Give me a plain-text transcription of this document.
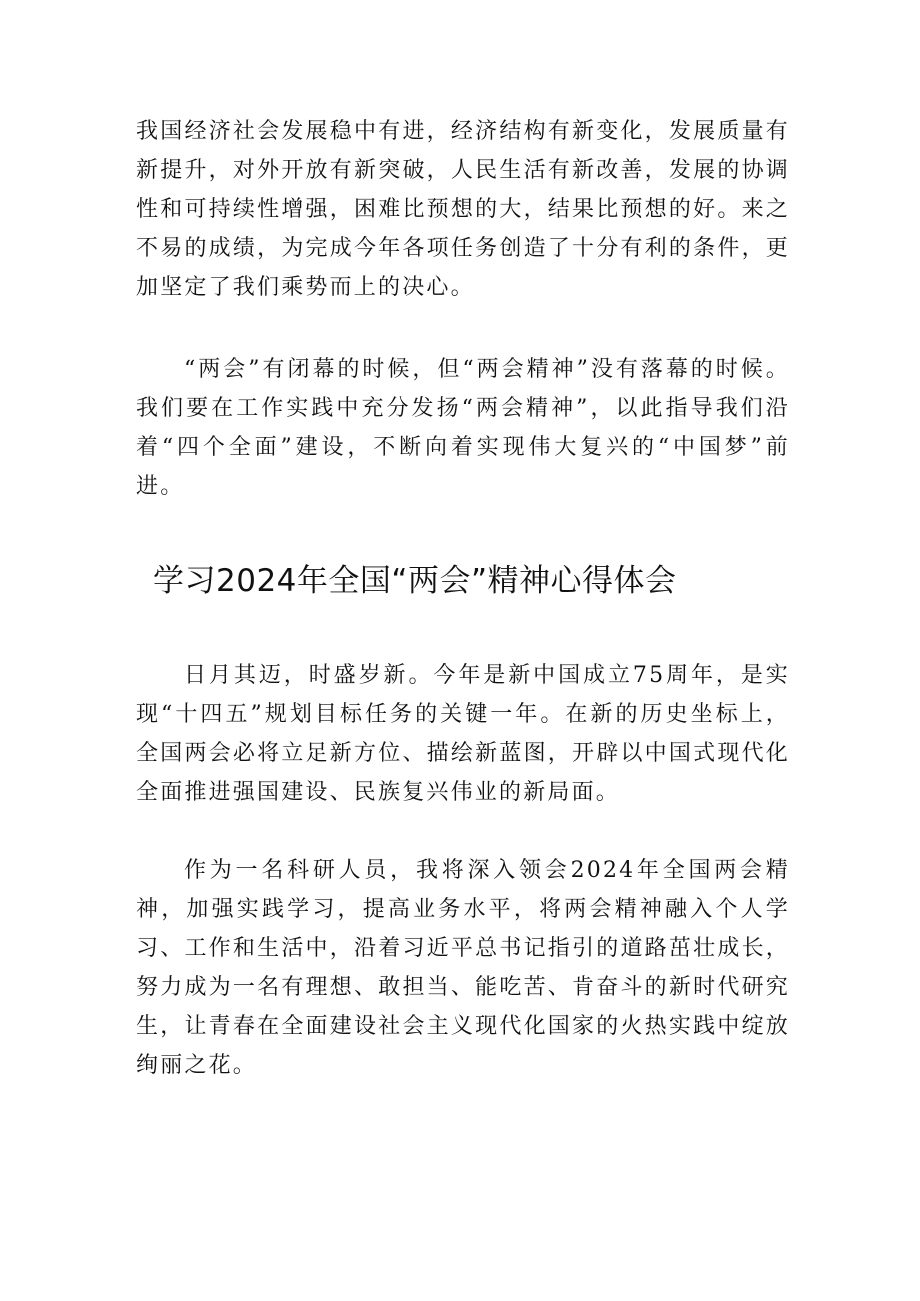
我国经济社会发展稳中有进，经济结构有新变化，发展质量有新提升，对外开放有新突破，人民生活有新改善，发展的协调性和可持续性增强，困难比预想的大，结果比预想的好。来之不易的成绩，为完成今年各项任务创造了十分有利的条件，更加坚定了我们乘势而上的决心。

“两会”有闭幕的时候，但“两会精神”没有落幕的时候。我们要在工作实践中充分发扬“两会精神”，以此指导我们沿着“四个全面”建设，不断向着实现伟大复兴的“中国梦”前进。

学习2024年全国“两会”精神心得体会

日月其迈，时盛岁新。今年是新中国成立75周年，是实现“十四五”规划目标任务的关键一年。在新的历史坐标上，全国两会必将立足新方位、描绘新蓝图，开辟以中国式现代化全面推进强国建设、民族复兴伟业的新局面。

作为一名科研人员，我将深入领会2024年全国两会精神，加强实践学习，提高业务水平，将两会精神融入个人学习、工作和生活中，沿着习近平总书记指引的道路茁壮成长，努力成为一名有理想、敢担当、能吃苦、肯奋斗的新时代研究生，让青春在全面建设社会主义现代化国家的火热实践中绽放绚丽之花。
